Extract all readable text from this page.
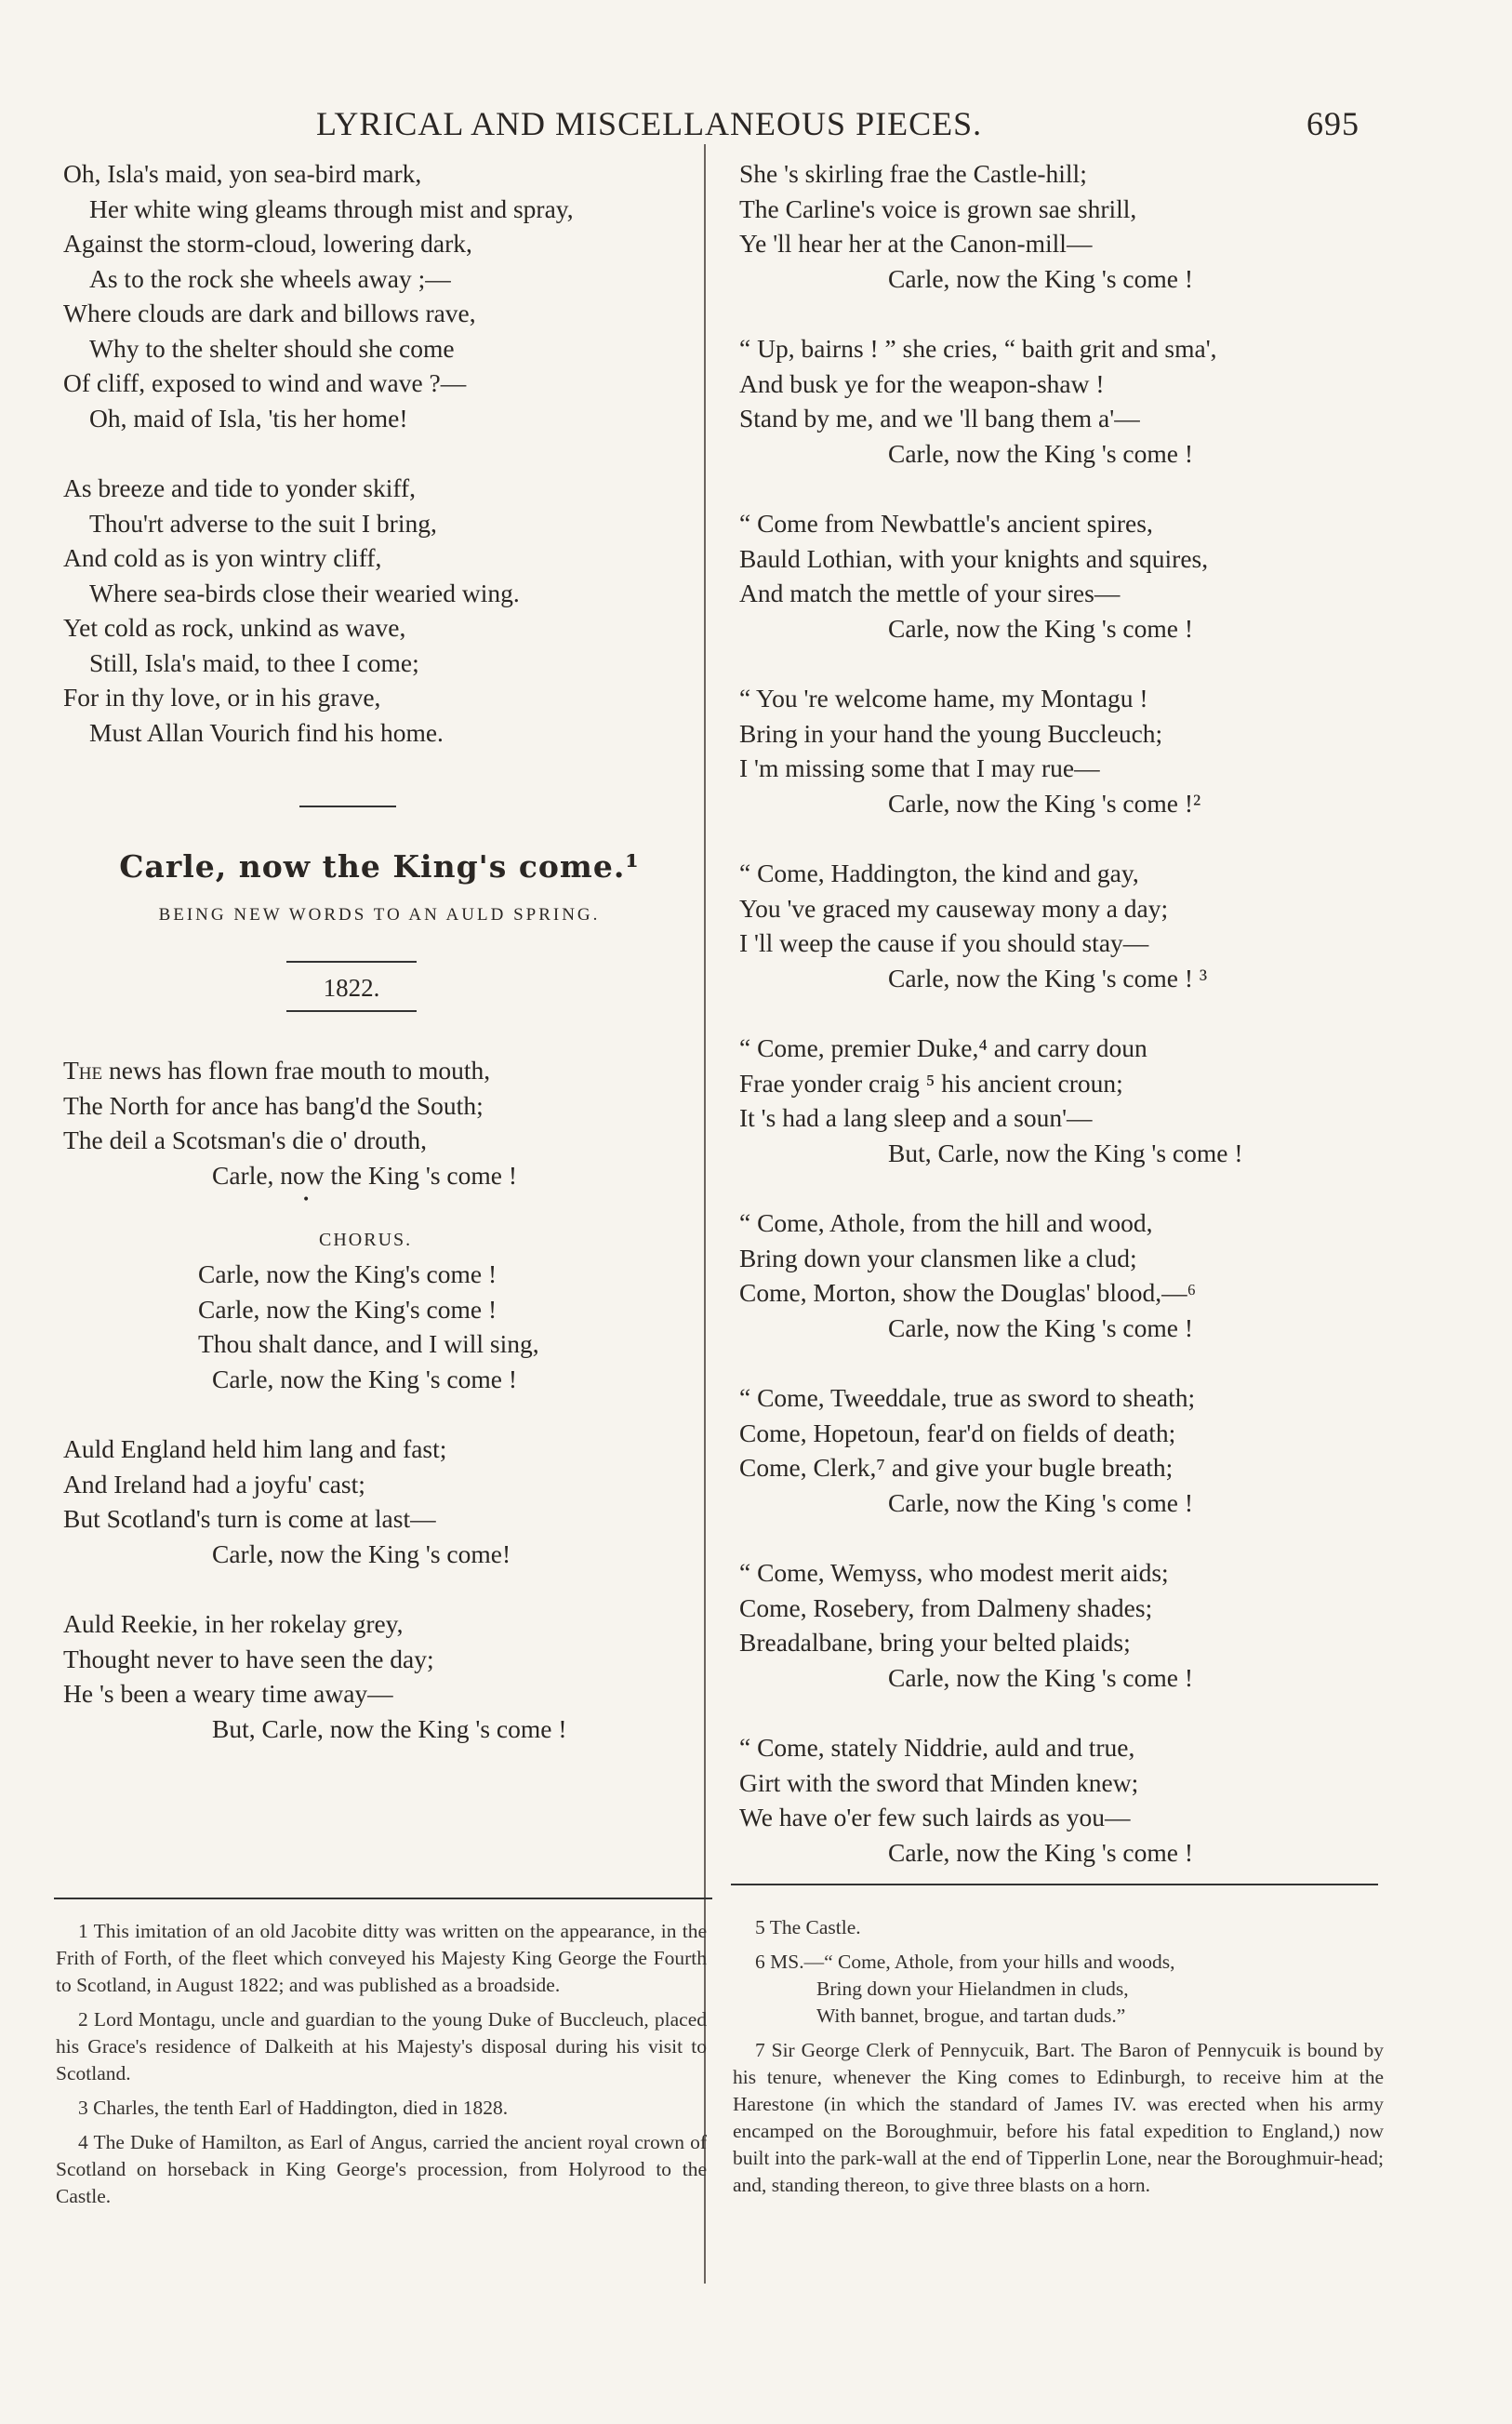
LYRICAL AND MISCELLANEOUS PIECES.	695
Oh, Isla's maid, yon sea-bird mark,
Her white wing gleams through mist and spray,
Against the storm-cloud, lowering dark,
As to the rock she wheels away ;—
Where clouds are dark and billows rave,
Why to the shelter should she come
Of cliff, exposed to wind and wave ?—
Oh, maid of Isla, 'tis her home!
As breeze and tide to yonder skiff,
Thou'rt adverse to the suit I bring,
And cold as is yon wintry cliff,
Where sea-birds close their wearied wing.
Yet cold as rock, unkind as wave,
Still, Isla's maid, to thee I come;
For in thy love, or in his grave,
Must Allan Vourich find his home.
Carle, now the King's come.¹
BEING NEW WORDS TO AN AULD SPRING.
1822.
The news has flown frae mouth to mouth,
The North for ance has bang'd the South;
The deil a Scotsman's die o' drouth,
Carle, now the King 's come !
•
CHORUS.
Carle, now the King's come !
Carle, now the King's come !
Thou shalt dance, and I will sing,
Carle, now the King 's come !
Auld England held him lang and fast;
And Ireland had a joyfu' cast;
But Scotland's turn is come at last—
Carle, now the King 's come!
Auld Reekie, in her rokelay grey,
Thought never to have seen the day;
He 's been a weary time away—
But, Carle, now the King 's come !
She 's skirling frae the Castle-hill;
The Carline's voice is grown sae shrill,
Ye 'll hear her at the Canon-mill—
Carle, now the King 's come !
“ Up, bairns ! ” she cries, “ baith grit and sma',
And busk ye for the weapon-shaw !
Stand by me, and we 'll bang them a'—
Carle, now the King 's come !
“ Come from Newbattle's ancient spires,
Bauld Lothian, with your knights and squires,
And match the mettle of your sires—
Carle, now the King 's come !
“ You 're welcome hame, my Montagu !
Bring in your hand the young Buccleuch;
I 'm missing some that I may rue—
Carle, now the King 's come !²
“ Come, Haddington, the kind and gay,
You 've graced my causeway mony a day;
I 'll weep the cause if you should stay—
Carle, now the King 's come ! ³
“ Come, premier Duke,⁴ and carry doun
Frae yonder craig ⁵ his ancient croun;
It 's had a lang sleep and a soun'—
But, Carle, now the King 's come !
“ Come, Athole, from the hill and wood,
Bring down your clansmen like a clud;
Come, Morton, show the Douglas' blood,—⁶
Carle, now the King 's come !
“ Come, Tweeddale, true as sword to sheath;
Come, Hopetoun, fear'd on fields of death;
Come, Clerk,⁷ and give your bugle breath;
Carle, now the King 's come !
“ Come, Wemyss, who modest merit aids;
Come, Rosebery, from Dalmeny shades;
Breadalbane, bring your belted plaids;
Carle, now the King 's come !
“ Come, stately Niddrie, auld and true,
Girt with the sword that Minden knew;
We have o'er few such lairds as you—
Carle, now the King 's come !

1 This imitation of an old Jacobite ditty was written on the appearance, in the Frith of Forth, of the fleet which conveyed his Majesty King George the Fourth to Scotland, in August 1822; and was published as a broadside.

2 Lord Montagu, uncle and guardian to the young Duke of Buccleuch, placed his Grace's residence of Dalkeith at his Majesty's disposal during his visit to Scotland.

3 Charles, the tenth Earl of Haddington, died in 1828.

4 The Duke of Hamilton, as Earl of Angus, carried the ancient royal crown of Scotland on horseback in King George's procession, from Holyrood to the Castle.

5 The Castle.

6 MS.—“ Come, Athole, from your hills and woods,

Bring down your Hielandmen in cluds,

With bannet, brogue, and tartan duds.”

7 Sir George Clerk of Pennycuik, Bart. The Baron of Pennycuik is bound by his tenure, whenever the King comes to Edinburgh, to receive him at the Harestone (in which the standard of James IV. was erected when his army encamped on the Boroughmuir, before his fatal expedition to England,) now built into the park-wall at the end of Tipperlin Lone, near the Boroughmuir-head; and, standing thereon, to give three blasts on a horn.
